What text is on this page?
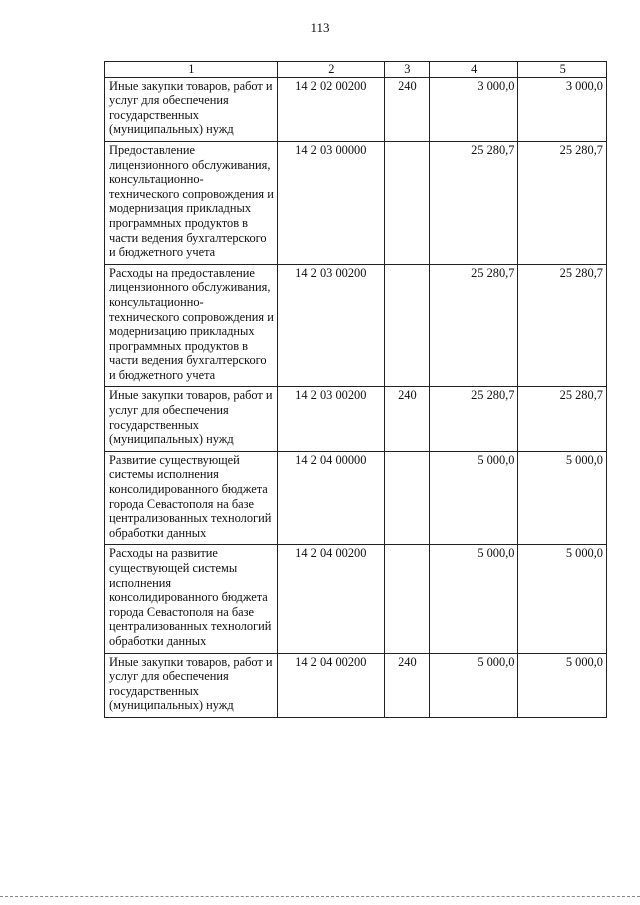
113
1	2	3	4	5
Иные закупки товаров, работ и услуг для обеспечения государственных (муниципальных) нужд	14 2 02 00200	240	3 000,0	3 000,0
Предоставление лицензионного обслуживания, консультационно-технического сопровождения и модернизация прикладных программных продуктов в части ведения бухгалтерского и бюджетного учета	14 2 03 00000		25 280,7	25 280,7
Расходы на предоставление лицензионного обслуживания, консультационно-технического сопровождения и модернизацию прикладных программных продуктов в части ведения бухгалтерского и бюджетного учета	14 2 03 00200		25 280,7	25 280,7
Иные закупки товаров, работ и услуг для обеспечения государственных (муниципальных) нужд	14 2 03 00200	240	25 280,7	25 280,7
Развитие существующей системы исполнения консолидированного бюджета города Севастополя на базе централизованных технологий обработки данных	14 2 04 00000		5 000,0	5 000,0
Расходы на развитие существующей системы исполнения консолидированного бюджета города Севастополя на базе централизованных технологий обработки данных	14 2 04 00200		5 000,0	5 000,0
Иные закупки товаров, работ и услуг для обеспечения государственных (муниципальных) нужд	14 2 04 00200	240	5 000,0	5 000,0
